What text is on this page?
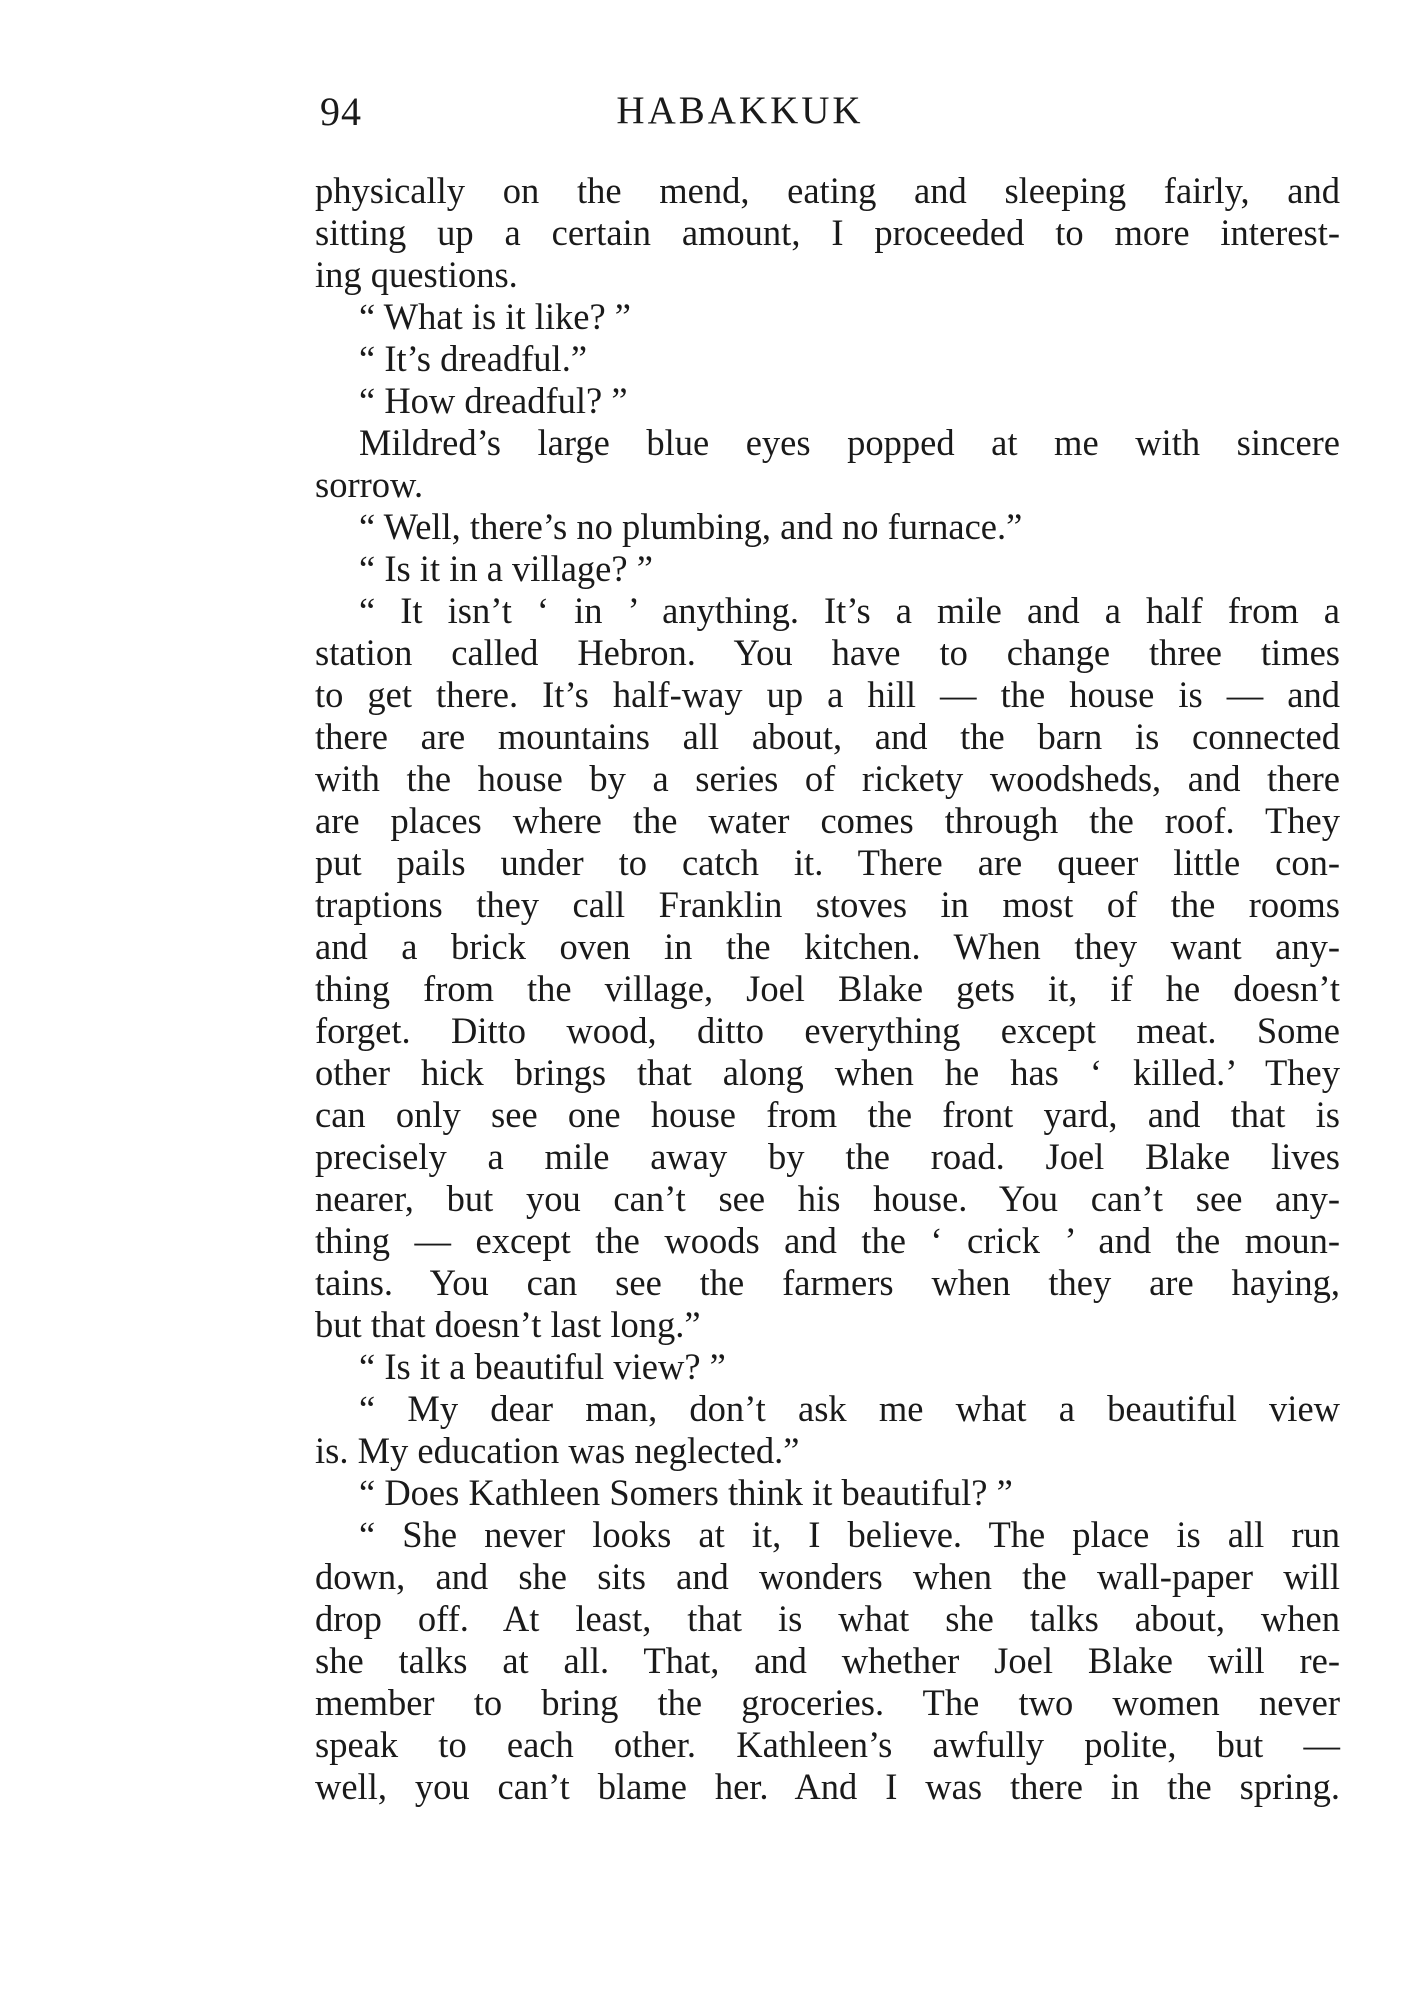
94	HABAKKUK
physically on the mend, eating and sleeping fairly, and
sitting up a certain amount, I proceeded to more interest-
ing questions.
“ What is it like? ”
“ It’s dreadful.”
“ How dreadful? ”
Mildred’s large blue eyes popped at me with sincere
sorrow.
“ Well, there’s no plumbing, and no furnace.”
“ Is it in a village? ”
“ It isn’t ‘ in ’ anything. It’s a mile and a half from a
station called Hebron. You have to change three times
to get there. It’s half-way up a hill — the house is — and
there are mountains all about, and the barn is connected
with the house by a series of rickety woodsheds, and there
are places where the water comes through the roof. They
put pails under to catch it. There are queer little con-
traptions they call Franklin stoves in most of the rooms
and a brick oven in the kitchen. When they want any-
thing from the village, Joel Blake gets it, if he doesn’t
forget. Ditto wood, ditto everything except meat. Some
other hick brings that along when he has ‘ killed.’ They
can only see one house from the front yard, and that is
precisely a mile away by the road. Joel Blake lives
nearer, but you can’t see his house. You can’t see any-
thing — except the woods and the ‘ crick ’ and the moun-
tains. You can see the farmers when they are haying,
but that doesn’t last long.”
“ Is it a beautiful view? ”
“ My dear man, don’t ask me what a beautiful view
is. My education was neglected.”
“ Does Kathleen Somers think it beautiful? ”
“ She never looks at it, I believe. The place is all run
down, and she sits and wonders when the wall-paper will
drop off. At least, that is what she talks about, when
she talks at all. That, and whether Joel Blake will re-
member to bring the groceries. The two women never
speak to each other. Kathleen’s awfully polite, but —
well, you can’t blame her. And I was there in the spring.
